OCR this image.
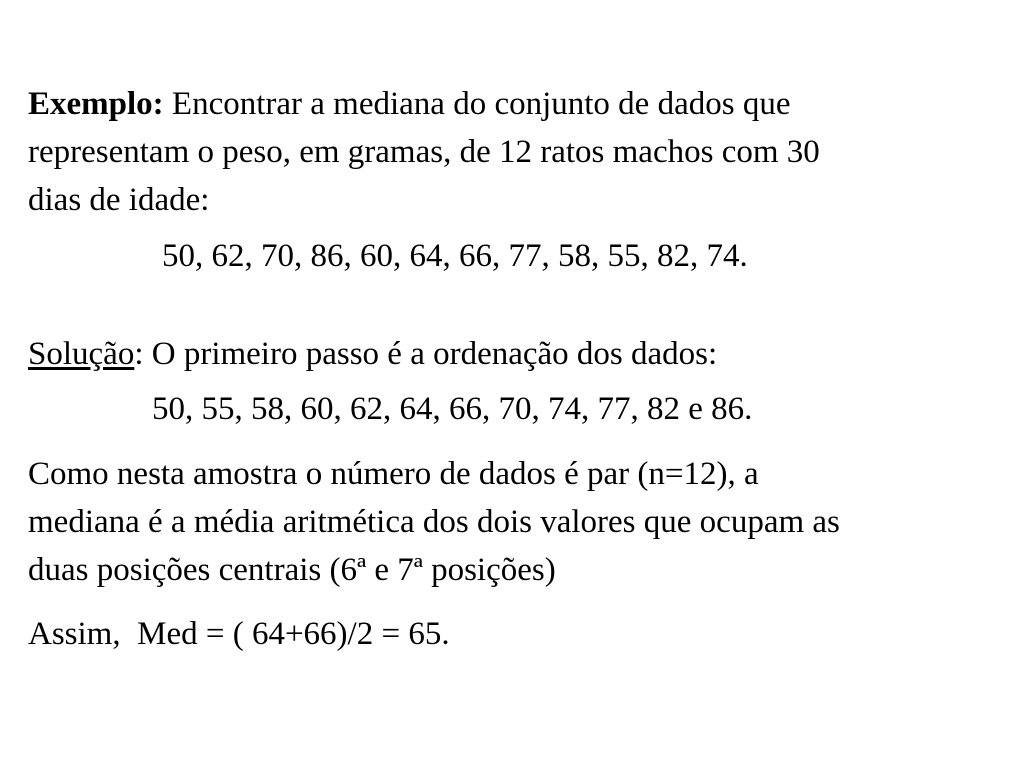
Exemplo: Encontrar a mediana do conjunto de dados que
representam o peso, em gramas, de 12 ratos machos com 30
dias de idade:

50, 62, 70, 86, 60, 64, 66, 77, 58, 55, 82, 74.

Solução: O primeiro passo é a ordenação dos dados:

50, 55, 58, 60, 62, 64, 66, 70, 74, 77, 82 e 86.

Como nesta amostra o número de dados é par (n=12), a
mediana é a média aritmética dos dois valores que ocupam as
duas posições centrais (6ª e 7ª posições)

Assim,  Med = ( 64+66)/2 = 65.
